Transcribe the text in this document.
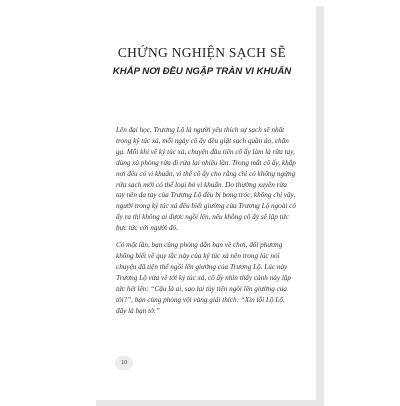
CHỨNG NGHIỆN SẠCH SẼ
KHẮP NƠI ĐỀU NGẬP TRÀN VI KHUẨN

Lên đại học, Trương Lộ là người yêu thích sự sạch sẽ nhất trong ký túc xá, mỗi ngày cô ấy đều giặt sạch quần áo, chăn gạ. Mỗi khi về ký túc xá, chuyện đầu tiên cô ấy làm là rửa tay, dùng xà phòng rửa đi rửa lại nhiều lần. Trong mắt cô ấy, khắp nơi đều có vi khuẩn, vì thế cô ấy cho rằng chỉ có không ngừng rửa sạch mới có thể loại bỏ vi khuẩn. Do thường xuyên rửa tay nên da tay của Trương Lộ đều bị bong tróc, không chỉ vậy, người trong ký túc xá đều biết giường của Trương Lộ ngoài cô ấy ra thì không ai được ngồi lên, nếu không cô ấy sẽ lập tức bực tức với người đó.

Có một lần, bạn cùng phòng dẫn bạn về chơi, đối phương không biết về quy tắc này của ký túc xá nên trong lúc nói chuyện đã tiện thể ngồi lên giường của Trương Lộ. Lúc này Trương Lộ vừa về tới ký túc xá, cô ấy nhìn thấy cảnh này lập tức hét lên: “Cậu là ai, sao lại tùy tiện ngồi lên giường của tôi?”, bạn cùng phòng vội vàng giải thích: “Xin lỗi Lộ Lộ, đây là bạn tớ.”

10
